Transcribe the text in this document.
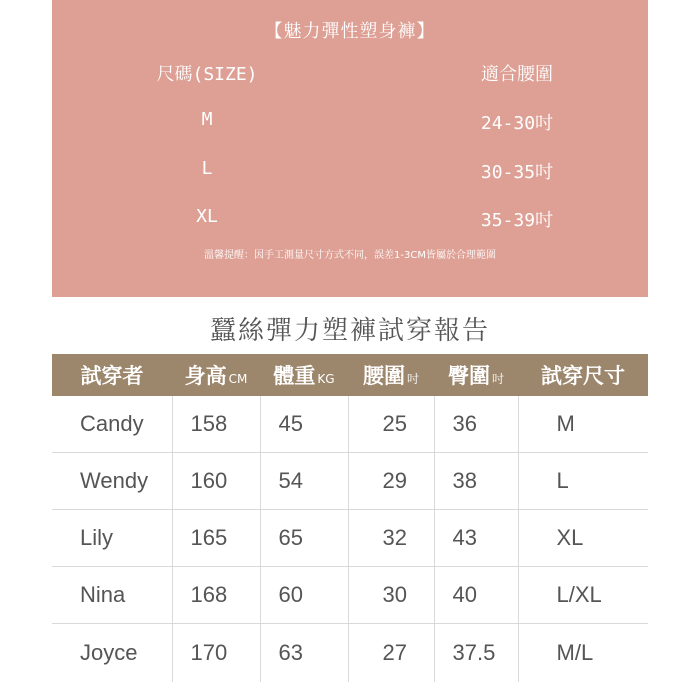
【魅力彈性塑身褲】
尺碼(SIZE)	適合腰圍
M	24-30吋
L	30-35吋
XL	35-39吋
溫馨提醒：因手工測量尺寸方式不同，誤差1-3CM皆屬於合理範圍
蠶絲彈力塑褲試穿報告
試穿者	身高 CM	體重 KG	腰圍 吋	臀圍 吋	試穿尺寸
Candy	158	45	25	36	M
Wendy	160	54	29	38	L
Lily	165	65	32	43	XL
Nina	168	60	30	40	L/XL
Joyce	170	63	27	37.5	M/L
